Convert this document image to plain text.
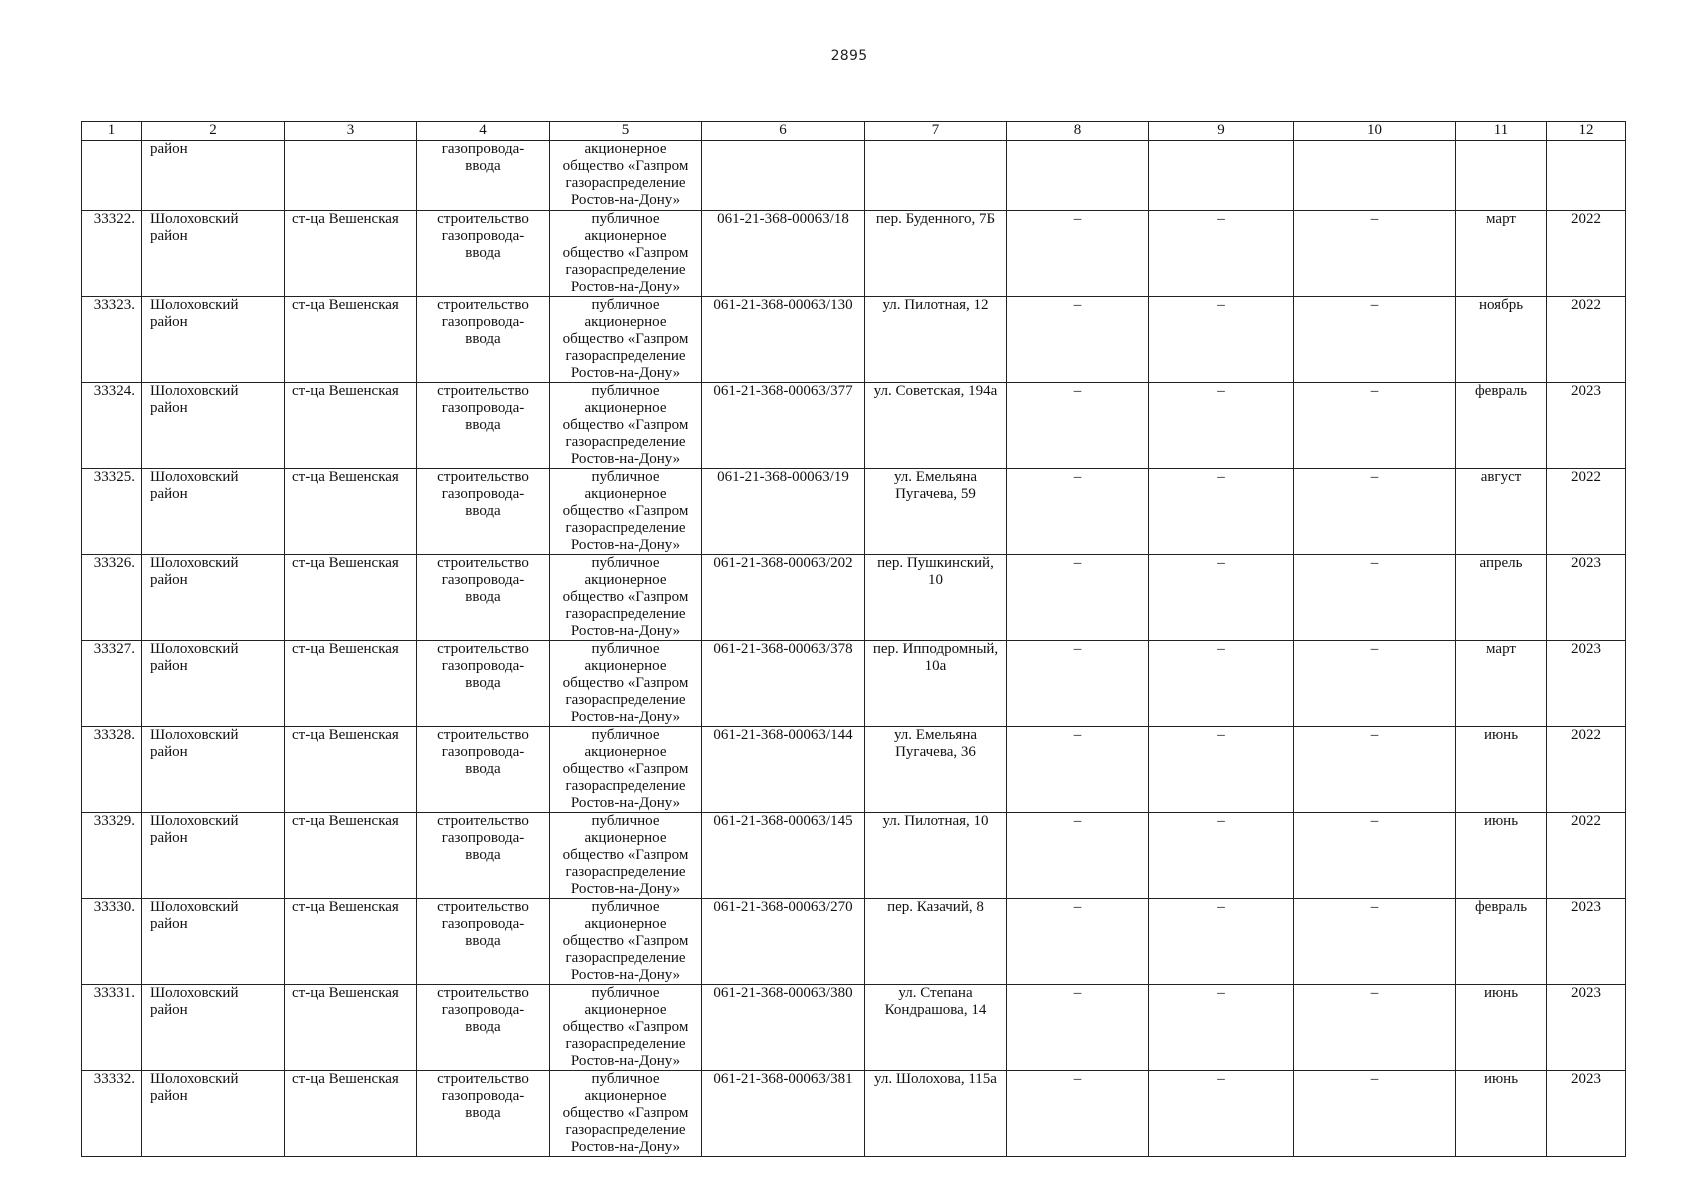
2895
1	2	3	4	5	6	7	8	9	10	11	12
	район		газопровода-
ввода	акционерное
общество «Газпром
газораспределение
Ростов-на-Дону»							
33322.	Шолоховский
район	ст-ца Вешенская	строительство
газопровода-
ввода	публичное
акционерное
общество «Газпром
газораспределение
Ростов-на-Дону»	061-21-368-00063/18	пер. Буденного, 7Б	–	–	–	март	2022
33323.	Шолоховский
район	ст-ца Вешенская	строительство
газопровода-
ввода	публичное
акционерное
общество «Газпром
газораспределение
Ростов-на-Дону»	061-21-368-00063/130	ул. Пилотная, 12	–	–	–	ноябрь	2022
33324.	Шолоховский
район	ст-ца Вешенская	строительство
газопровода-
ввода	публичное
акционерное
общество «Газпром
газораспределение
Ростов-на-Дону»	061-21-368-00063/377	ул. Советская, 194а	–	–	–	февраль	2023
33325.	Шолоховский
район	ст-ца Вешенская	строительство
газопровода-
ввода	публичное
акционерное
общество «Газпром
газораспределение
Ростов-на-Дону»	061-21-368-00063/19	ул. Емельяна
Пугачева, 59	–	–	–	август	2022
33326.	Шолоховский
район	ст-ца Вешенская	строительство
газопровода-
ввода	публичное
акционерное
общество «Газпром
газораспределение
Ростов-на-Дону»	061-21-368-00063/202	пер. Пушкинский,
10	–	–	–	апрель	2023
33327.	Шолоховский
район	ст-ца Вешенская	строительство
газопровода-
ввода	публичное
акционерное
общество «Газпром
газораспределение
Ростов-на-Дону»	061-21-368-00063/378	пер. Ипподромный,
10а	–	–	–	март	2023
33328.	Шолоховский
район	ст-ца Вешенская	строительство
газопровода-
ввода	публичное
акционерное
общество «Газпром
газораспределение
Ростов-на-Дону»	061-21-368-00063/144	ул. Емельяна
Пугачева, 36	–	–	–	июнь	2022
33329.	Шолоховский
район	ст-ца Вешенская	строительство
газопровода-
ввода	публичное
акционерное
общество «Газпром
газораспределение
Ростов-на-Дону»	061-21-368-00063/145	ул. Пилотная, 10	–	–	–	июнь	2022
33330.	Шолоховский
район	ст-ца Вешенская	строительство
газопровода-
ввода	публичное
акционерное
общество «Газпром
газораспределение
Ростов-на-Дону»	061-21-368-00063/270	пер. Казачий, 8	–	–	–	февраль	2023
33331.	Шолоховский
район	ст-ца Вешенская	строительство
газопровода-
ввода	публичное
акционерное
общество «Газпром
газораспределение
Ростов-на-Дону»	061-21-368-00063/380	ул. Степана
Кондрашова, 14	–	–	–	июнь	2023
33332.	Шолоховский
район	ст-ца Вешенская	строительство
газопровода-
ввода	публичное
акционерное
общество «Газпром
газораспределение
Ростов-на-Дону»	061-21-368-00063/381	ул. Шолохова, 115а	–	–	–	июнь	2023
